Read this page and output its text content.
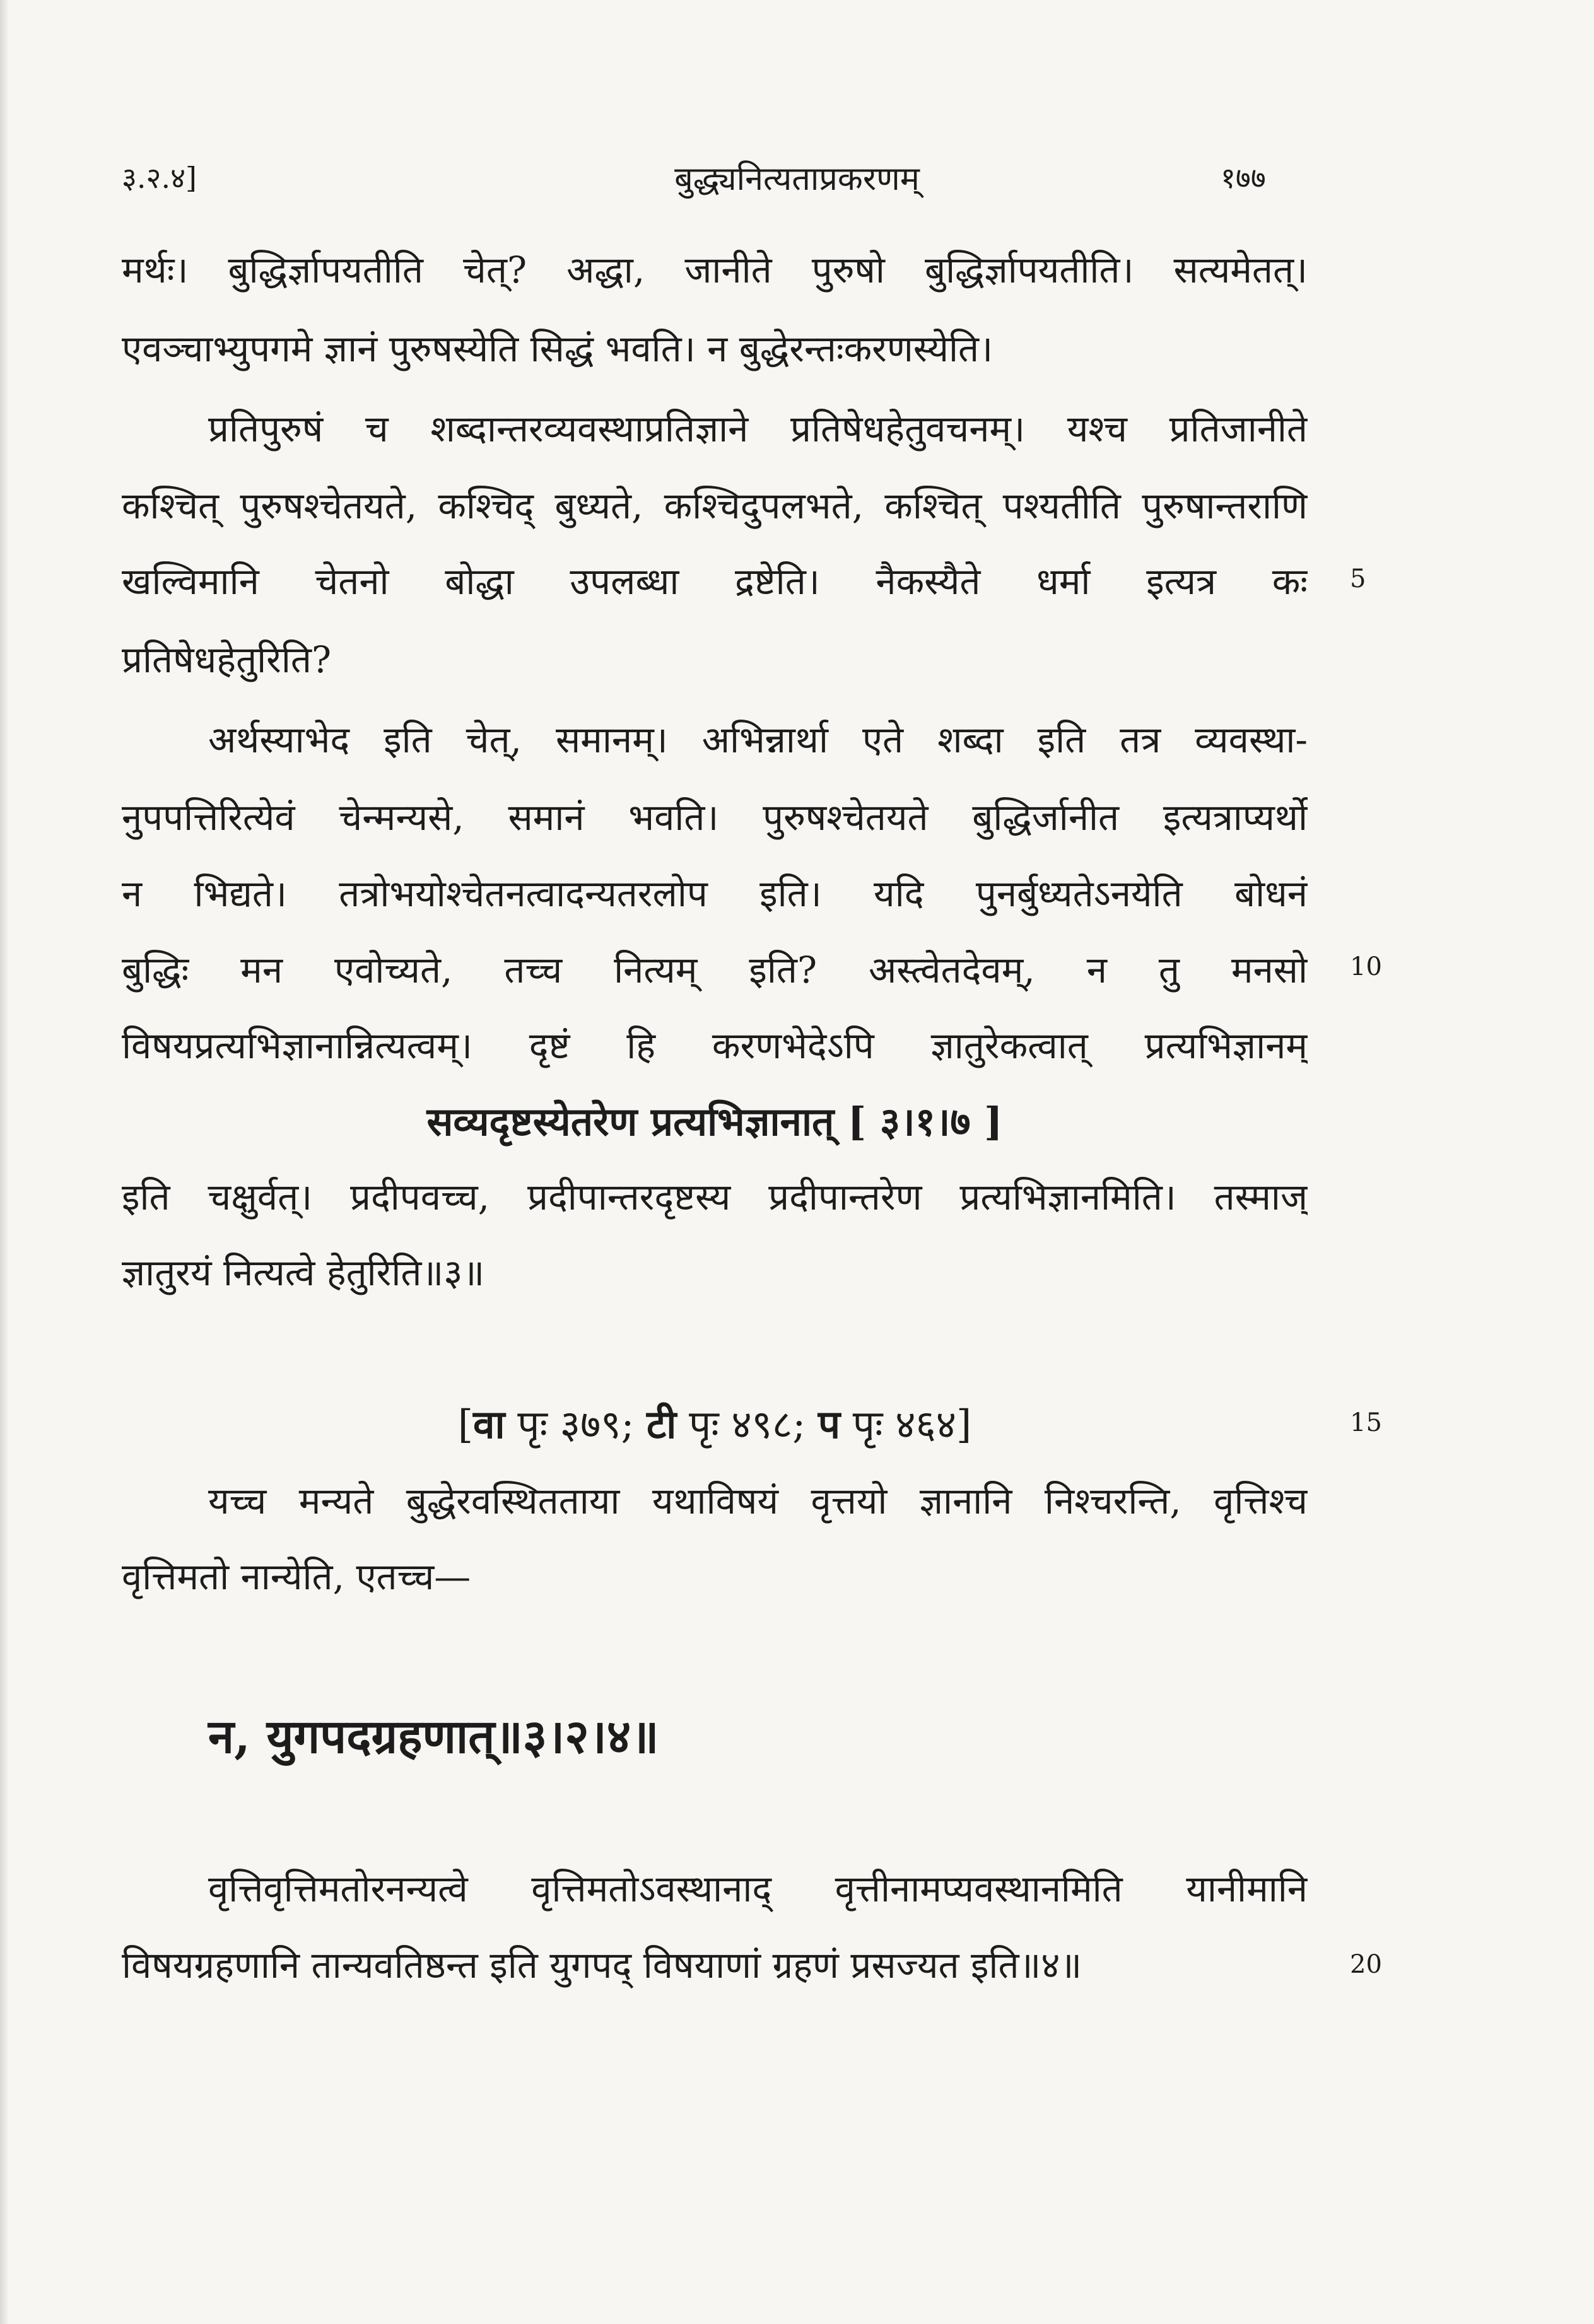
३.२.४]	बुद्ध्यनित्यताप्रकरणम्	१७७
मर्थः। बुद्धिर्ज्ञापयतीति चेत्? अद्धा, जानीते पुरुषो बुद्धिर्ज्ञापयतीति। सत्यमेतत्।
एवञ्चाभ्युपगमे ज्ञानं पुरुषस्येति सिद्धं भवति। न बुद्धेरन्तःकरणस्येति।
प्रतिपुरुषं च शब्दान्तरव्यवस्थाप्रतिज्ञाने प्रतिषेधहेतुवचनम्। यश्च प्रतिजानीते
कश्चित् पुरुषश्चेतयते, कश्चिद् बुध्यते, कश्चिदुपलभते, कश्चित् पश्यतीति पुरुषान्तराणि
खल्विमानि चेतनो बोद्धा उपलब्धा द्रष्टेति। नैकस्यैते धर्मा इत्यत्र कः
प्रतिषेधहेतुरिति?
अर्थस्याभेद इति चेत्, समानम्। अभिन्नार्था एते शब्दा इति तत्र व्यवस्था-
नुपपत्तिरित्येवं चेन्मन्यसे, समानं भवति। पुरुषश्चेतयते बुद्धिर्जानीत इत्यत्राप्यर्थो
न भिद्यते। तत्रोभयोश्चेतनत्वादन्यतरलोप इति। यदि पुनर्बुध्यतेऽनयेति बोधनं
बुद्धिः मन एवोच्यते, तच्च नित्यम् इति? अस्त्वेतदेवम्, न तु मनसो
विषयप्रत्यभिज्ञानान्नित्यत्वम्। दृष्टं हि करणभेदेऽपि ज्ञातुरेकत्वात् प्रत्यभिज्ञानम्
सव्यदृष्टस्येतरेण प्रत्यभिज्ञानात् [ ३।१।७ ]
इति चक्षुर्वत्। प्रदीपवच्च, प्रदीपान्तरदृष्टस्य प्रदीपान्तरेण प्रत्यभिज्ञानमिति। तस्माज्
ज्ञातुरयं नित्यत्वे हेतुरिति॥३॥
[वा पृः ३७९; टी पृः ४९८; प पृः ४६४]
यच्च मन्यते बुद्धेरवस्थितताया यथाविषयं वृत्तयो ज्ञानानि निश्चरन्ति, वृत्तिश्च
वृत्तिमतो नान्येति, एतच्च—
न, युगपदग्रहणात्॥३।२।४॥
वृत्तिवृत्तिमतोरनन्यत्वे वृत्तिमतोऽवस्थानाद् वृत्तीनामप्यवस्थानमिति यानीमानि
विषयग्रहणानि तान्यवतिष्ठन्त इति युगपद् विषयाणां ग्रहणं प्रसज्यत इति॥४॥
5
10
15
20
